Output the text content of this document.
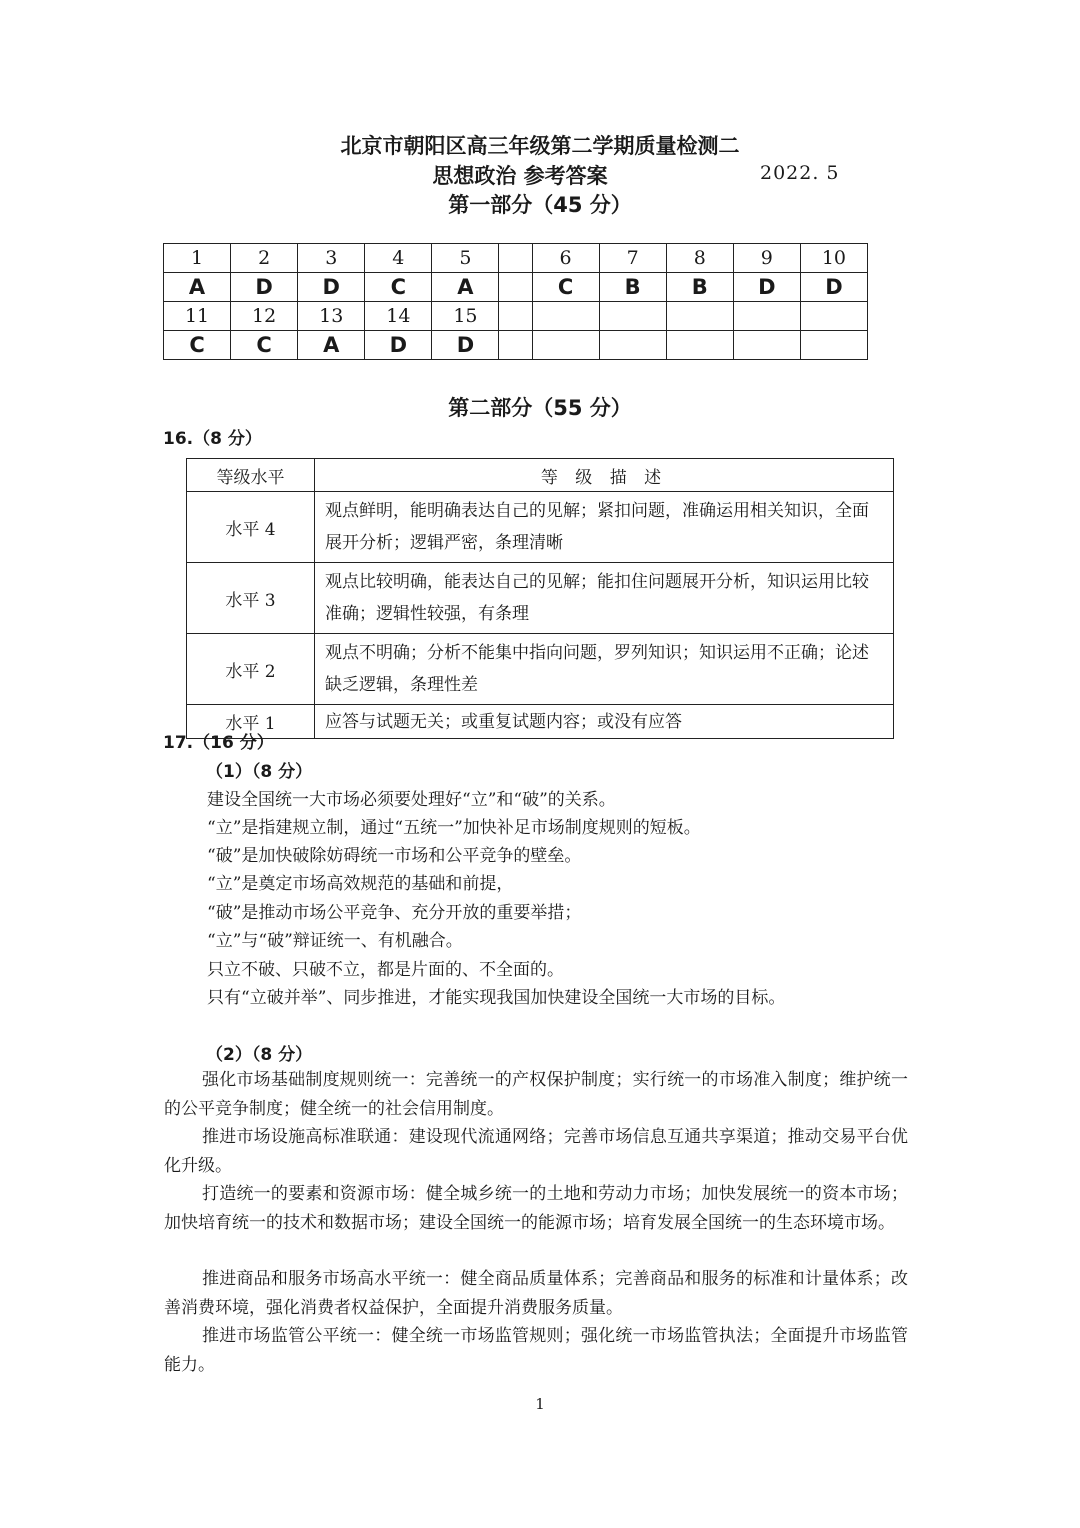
北京市朝阳区高三年级第二学期质量检测二
思想政治 参考答案	2022. 5
第一部分（45 分）
1	2	3	4	5		6	7	8	9	10
A	D	D	C	A		C	B	B	D	D
11	12	13	14	15						
C	C	A	D	D						
第二部分（55 分）
16.（8 分）
等级水平	等 级 描 述
水平 4	观点鲜明，能明确表达自己的见解；紧扣问题，准确运用相关知识，全面展开分析；逻辑严密，条理清晰
水平 3	观点比较明确，能表达自己的见解；能扣住问题展开分析，知识运用比较准确；逻辑性较强，有条理
水平 2	观点不明确；分析不能集中指向问题，罗列知识；知识运用不正确；论述缺乏逻辑，条理性差
水平 1	应答与试题无关；或重复试题内容；或没有应答
17.（16 分）
（1）（8 分）
建设全国统一大市场必须要处理好“立”和“破”的关系。
“立”是指建规立制，通过“五统一”加快补足市场制度规则的短板。
“破”是加快破除妨碍统一市场和公平竞争的壁垒。
“立”是奠定市场高效规范的基础和前提，
“破”是推动市场公平竞争、充分开放的重要举措；
“立”与“破”辩证统一、有机融合。
只立不破、只破不立，都是片面的、不全面的。
只有“立破并举”、同步推进，才能实现我国加快建设全国统一大市场的目标。
（2）（8 分）
强化市场基础制度规则统一：完善统一的产权保护制度；实行统一的市场准入制度；维护统一的公平竞争制度；健全统一的社会信用制度。
推进市场设施高标准联通：建设现代流通网络；完善市场信息互通共享渠道；推动交易平台优化升级。
打造统一的要素和资源市场：健全城乡统一的土地和劳动力市场；加快发展统一的资本市场；加快培育统一的技术和数据市场；建设全国统一的能源市场；培育发展全国统一的生态环境市场。
推进商品和服务市场高水平统一：健全商品质量体系；完善商品和服务的标准和计量体系；改善消费环境，强化消费者权益保护，全面提升消费服务质量。
推进市场监管公平统一：健全统一市场监管规则；强化统一市场监管执法；全面提升市场监管能力。
1
